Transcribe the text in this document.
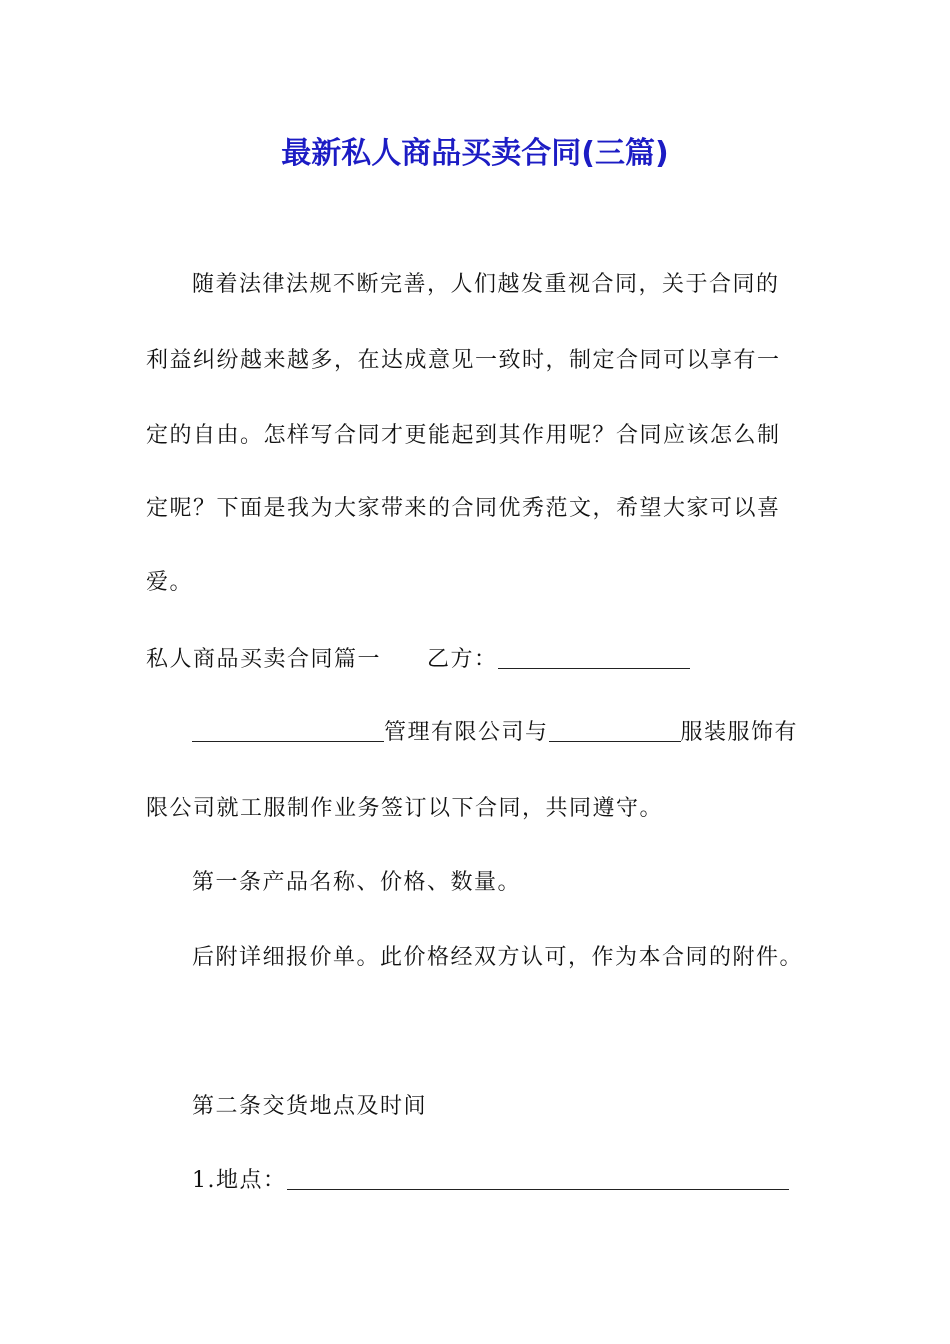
最新私人商品买卖合同(三篇)
随着法律法规不断完善，人们越发重视合同，关于合同的
利益纠纷越来越多，在达成意见一致时，制定合同可以享有一
定的自由。怎样写合同才更能起到其作用呢？合同应该怎么制
定呢？下面是我为大家带来的合同优秀范文，希望大家可以喜
爱。
私人商品买卖合同篇一 乙方：
管理有限公司与	服装服饰有
限公司就工服制作业务签订以下合同，共同遵守。
第一条产品名称、价格、数量。
后附详细报价单。此价格经双方认可，作为本合同的附件。
第二条交货地点及时间
1.地点：
